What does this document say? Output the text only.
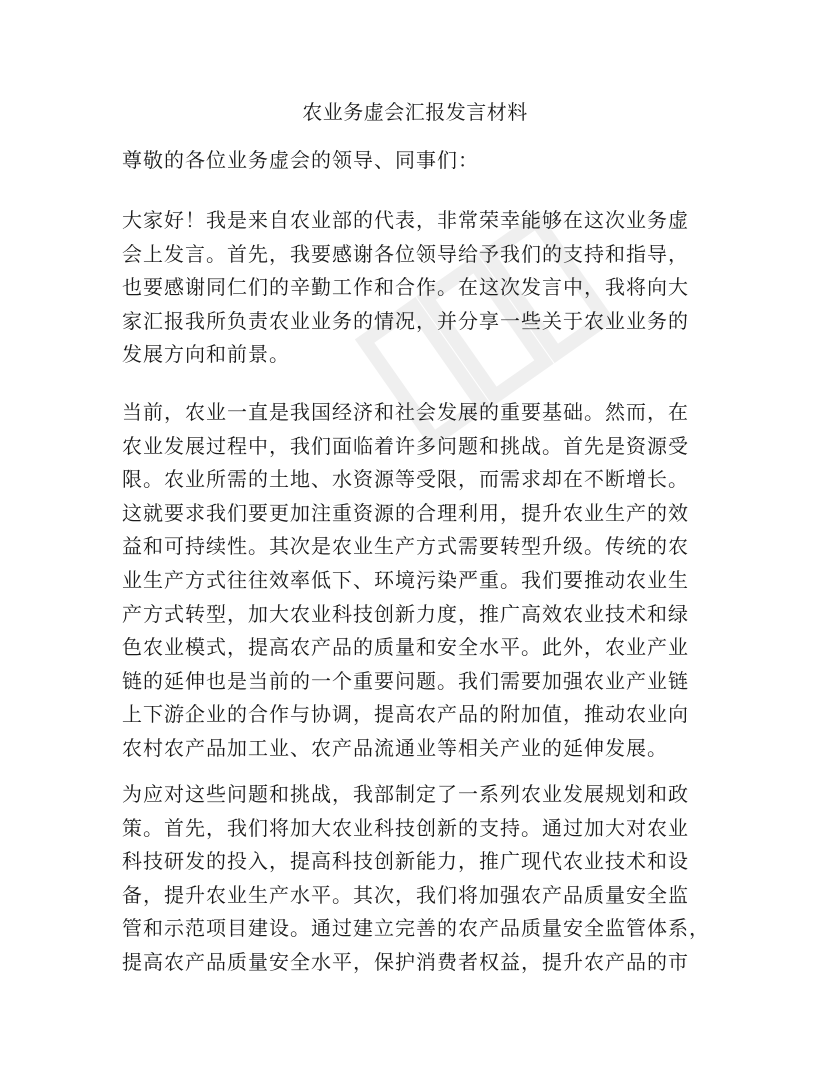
农业务虚会汇报发言材料
尊敬的各位业务虚会的领导、同事们：

大家好！我是来自农业部的代表，非常荣幸能够在这次业务虚
会上发言。首先，我要感谢各位领导给予我们的支持和指导，
也要感谢同仁们的辛勤工作和合作。在这次发言中，我将向大
家汇报我所负责农业业务的情况，并分享一些关于农业业务的
发展方向和前景。

当前，农业一直是我国经济和社会发展的重要基础。然而，在
农业发展过程中，我们面临着许多问题和挑战。首先是资源受
限。农业所需的土地、水资源等受限，而需求却在不断增长。
这就要求我们要更加注重资源的合理利用，提升农业生产的效
益和可持续性。其次是农业生产方式需要转型升级。传统的农
业生产方式往往效率低下、环境污染严重。我们要推动农业生
产方式转型，加大农业科技创新力度，推广高效农业技术和绿
色农业模式，提高农产品的质量和安全水平。此外，农业产业
链的延伸也是当前的一个重要问题。我们需要加强农业产业链
上下游企业的合作与协调，提高农产品的附加值，推动农业向
农村农产品加工业、农产品流通业等相关产业的延伸发展。

为应对这些问题和挑战，我部制定了一系列农业发展规划和政
策。首先，我们将加大农业科技创新的支持。通过加大对农业
科技研发的投入，提高科技创新能力，推广现代农业技术和设
备，提升农业生产水平。其次，我们将加强农产品质量安全监
管和示范项目建设。通过建立完善的农产品质量安全监管体系，
提高农产品质量安全水平，保护消费者权益，提升农产品的市
